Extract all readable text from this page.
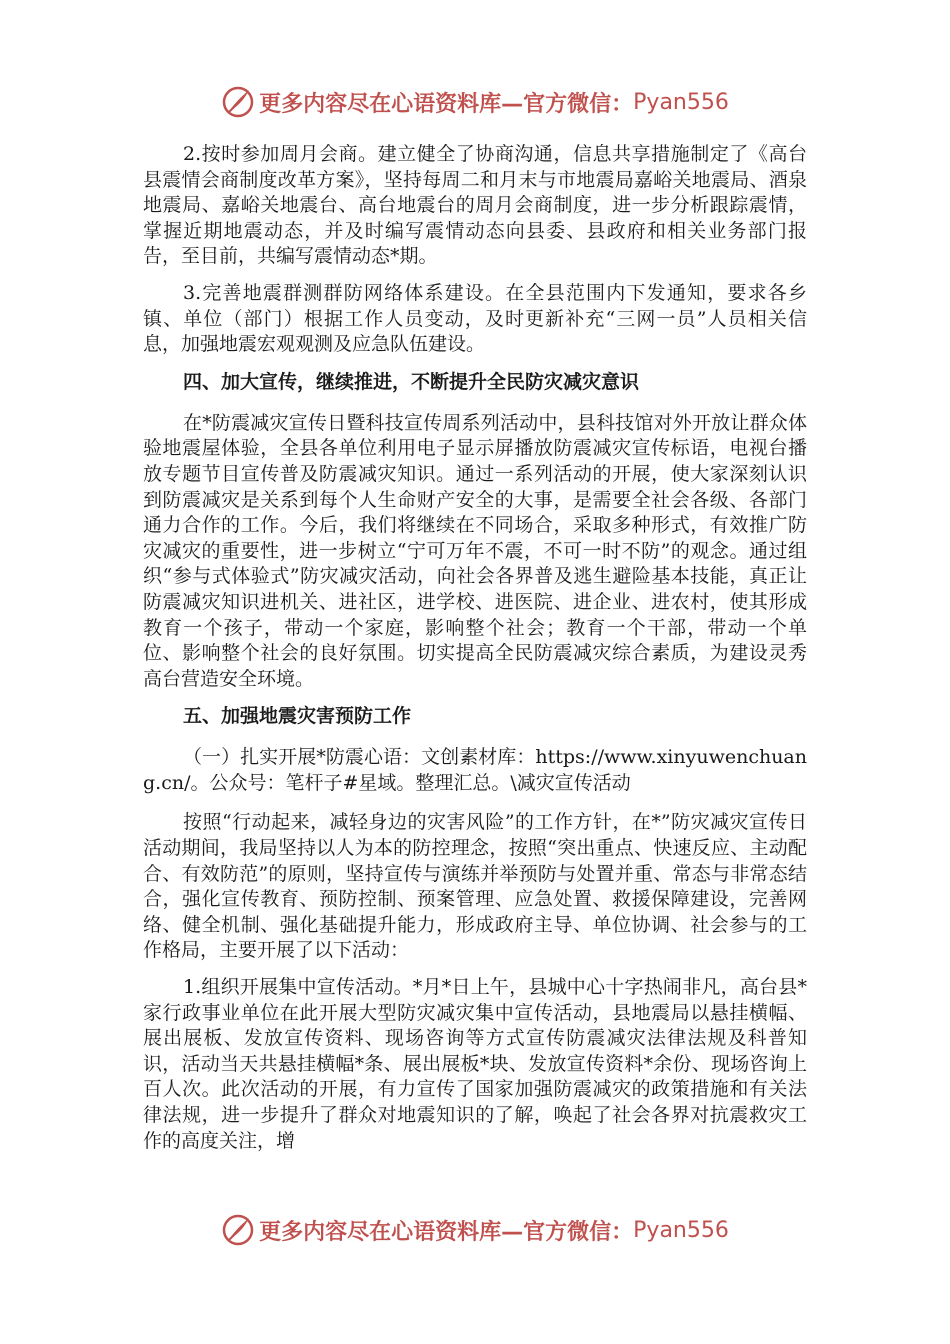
更多内容尽在心语资料库—官方微信： Pyan556

2.按时参加周月会商。建立健全了协商沟通，信息共享措施制定了《高台县震情会商制度改革方案》，坚持每周二和月末与市地震局嘉峪关地震局、酒泉地震局、嘉峪关地震台、高台地震台的周月会商制度，进一步分析跟踪震情，掌握近期地震动态，并及时编写震情动态向县委、县政府和相关业务部门报告，至目前，共编写震情动态*期。

3.完善地震群测群防网络体系建设。在全县范围内下发通知，要求各乡镇、单位（部门）根据工作人员变动，及时更新补充“三网一员”人员相关信息，加强地震宏观观测及应急队伍建设。

四、加大宣传，继续推进，不断提升全民防灾减灾意识

在*防震减灾宣传日暨科技宣传周系列活动中，县科技馆对外开放让群众体验地震屋体验，全县各单位利用电子显示屏播放防震减灾宣传标语，电视台播放专题节目宣传普及防震减灾知识。通过一系列活动的开展，使大家深刻认识到防震减灾是关系到每个人生命财产安全的大事，是需要全社会各级、各部门通力合作的工作。今后，我们将继续在不同场合，采取多种形式，有效推广防灾减灾的重要性，进一步树立“宁可万年不震，不可一时不防”的观念。通过组织“参与式体验式”防灾减灾活动，向社会各界普及逃生避险基本技能，真正让防震减灾知识进机关、进社区，进学校、进医院、进企业、进农村，使其形成教育一个孩子，带动一个家庭，影响整个社会；教育一个干部，带动一个单位、影响整个社会的良好氛围。切实提高全民防震减灾综合素质，为建设灵秀高台营造安全环境。

五、加强地震灾害预防工作

（一）扎实开展*防震心语：文创素材库：https://www.xinyuwenchuang.cn/。公众号：笔杆子#星域。整理汇总。\减灾宣传活动

按照“行动起来，减轻身边的灾害风险”的工作方针，在*”防灾减灾宣传日活动期间，我局坚持以人为本的防控理念，按照“突出重点、快速反应、主动配合、有效防范”的原则，坚持宣传与演练并举预防与处置并重、常态与非常态结合，强化宣传教育、预防控制、预案管理、应急处置、救援保障建设，完善网络、健全机制、强化基础提升能力，形成政府主导、单位协调、社会参与的工作格局，主要开展了以下活动：

1.组织开展集中宣传活动。*月*日上午，县城中心十字热闹非凡，高台县*家行政事业单位在此开展大型防灾减灾集中宣传活动，县地震局以悬挂横幅、展出展板、发放宣传资料、现场咨询等方式宣传防震减灾法律法规及科普知识，活动当天共悬挂横幅*条、展出展板*块、发放宣传资料*余份、现场咨询上百人次。此次活动的开展，有力宣传了国家加强防震减灾的政策措施和有关法律法规，进一步提升了群众对地震知识的了解，唤起了社会各界对抗震救灾工作的高度关注，增

更多内容尽在心语资料库—官方微信： Pyan556
